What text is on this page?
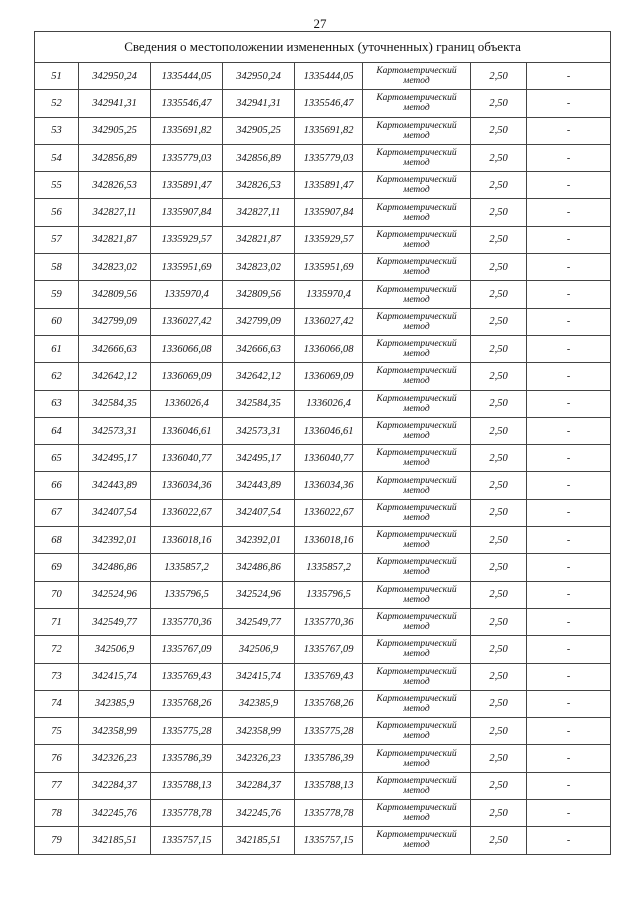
27
Сведения о местоположении измененных (уточненных) границ объекта							
51	342950,24	1335444,05	342950,24	1335444,05	Картометрический метод	2,50	-
52	342941,31	1335546,47	342941,31	1335546,47	Картометрический метод	2,50	-
53	342905,25	1335691,82	342905,25	1335691,82	Картометрический метод	2,50	-
54	342856,89	1335779,03	342856,89	1335779,03	Картометрический метод	2,50	-
55	342826,53	1335891,47	342826,53	1335891,47	Картометрический метод	2,50	-
56	342827,11	1335907,84	342827,11	1335907,84	Картометрический метод	2,50	-
57	342821,87	1335929,57	342821,87	1335929,57	Картометрический метод	2,50	-
58	342823,02	1335951,69	342823,02	1335951,69	Картометрический метод	2,50	-
59	342809,56	1335970,4	342809,56	1335970,4	Картометрический метод	2,50	-
60	342799,09	1336027,42	342799,09	1336027,42	Картометрический метод	2,50	-
61	342666,63	1336066,08	342666,63	1336066,08	Картометрический метод	2,50	-
62	342642,12	1336069,09	342642,12	1336069,09	Картометрический метод	2,50	-
63	342584,35	1336026,4	342584,35	1336026,4	Картометрический метод	2,50	-
64	342573,31	1336046,61	342573,31	1336046,61	Картометрический метод	2,50	-
65	342495,17	1336040,77	342495,17	1336040,77	Картометрический метод	2,50	-
66	342443,89	1336034,36	342443,89	1336034,36	Картометрический метод	2,50	-
67	342407,54	1336022,67	342407,54	1336022,67	Картометрический метод	2,50	-
68	342392,01	1336018,16	342392,01	1336018,16	Картометрический метод	2,50	-
69	342486,86	1335857,2	342486,86	1335857,2	Картометрический метод	2,50	-
70	342524,96	1335796,5	342524,96	1335796,5	Картометрический метод	2,50	-
71	342549,77	1335770,36	342549,77	1335770,36	Картометрический метод	2,50	-
72	342506,9	1335767,09	342506,9	1335767,09	Картометрический метод	2,50	-
73	342415,74	1335769,43	342415,74	1335769,43	Картометрический метод	2,50	-
74	342385,9	1335768,26	342385,9	1335768,26	Картометрический метод	2,50	-
75	342358,99	1335775,28	342358,99	1335775,28	Картометрический метод	2,50	-
76	342326,23	1335786,39	342326,23	1335786,39	Картометрический метод	2,50	-
77	342284,37	1335788,13	342284,37	1335788,13	Картометрический метод	2,50	-
78	342245,76	1335778,78	342245,76	1335778,78	Картометрический метод	2,50	-
79	342185,51	1335757,15	342185,51	1335757,15	Картометрический метод	2,50	-
